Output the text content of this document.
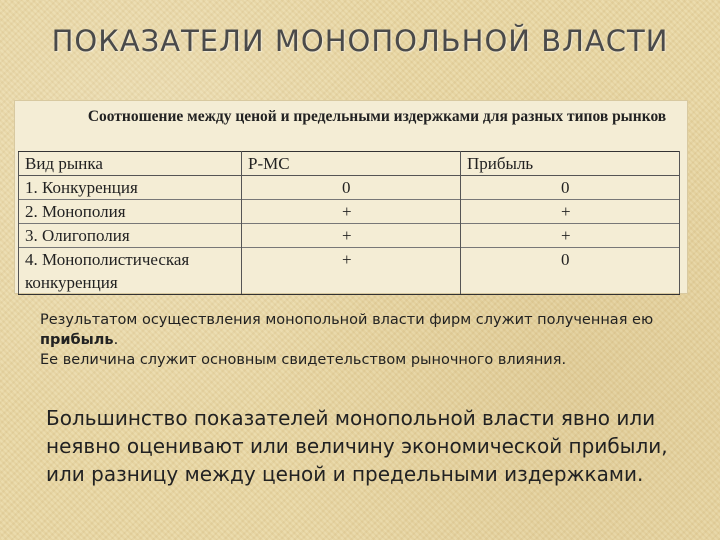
ПОКАЗАТЕЛИ МОНОПОЛЬНОЙ ВЛАСТИ
Соотношение между ценой и предельными издержками для разных типов рынков
Вид рынка	P-MC	Прибыль
1. Конкуренция	0	0
2. Монополия	+	+
3. Олигополия	+	+
4. Монополистическая конкуренция	+	0
Результатом осуществления монопольной власти фирм служит полученная ею прибыль.
Ее величина служит основным свидетельством рыночного влияния.
Большинство показателей монопольной власти явно или неявно оценивают или величину экономической прибыли, или разницу между ценой и предельными издержками.
